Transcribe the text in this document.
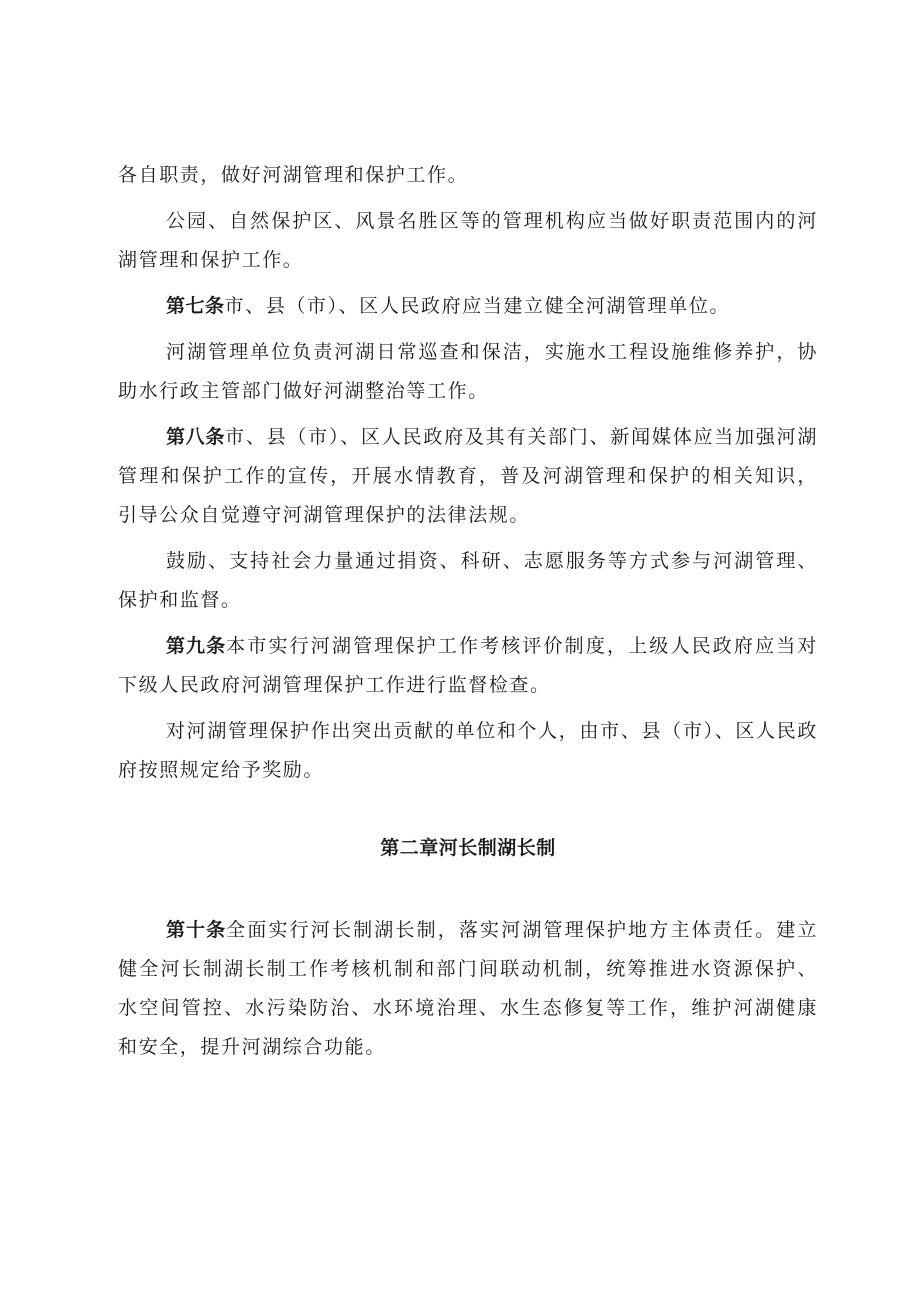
各自职责，做好河湖管理和保护工作。

公园、自然保护区、风景名胜区等的管理机构应当做好职责范围内的河湖管理和保护工作。

第七条市、县（市）、区人民政府应当建立健全河湖管理单位。

河湖管理单位负责河湖日常巡查和保洁，实施水工程设施维修养护，协助水行政主管部门做好河湖整治等工作。

第八条市、县（市）、区人民政府及其有关部门、新闻媒体应当加强河湖管理和保护工作的宣传，开展水情教育，普及河湖管理和保护的相关知识，引导公众自觉遵守河湖管理保护的法律法规。

鼓励、支持社会力量通过捐资、科研、志愿服务等方式参与河湖管理、保护和监督。

第九条本市实行河湖管理保护工作考核评价制度，上级人民政府应当对下级人民政府河湖管理保护工作进行监督检查。

对河湖管理保护作出突出贡献的单位和个人，由市、县（市）、区人民政府按照规定给予奖励。

第二章河长制湖长制

第十条全面实行河长制湖长制，落实河湖管理保护地方主体责任。建立健全河长制湖长制工作考核机制和部门间联动机制，统筹推进水资源保护、水空间管控、水污染防治、水环境治理、水生态修复等工作，维护河湖健康和安全，提升河湖综合功能。
